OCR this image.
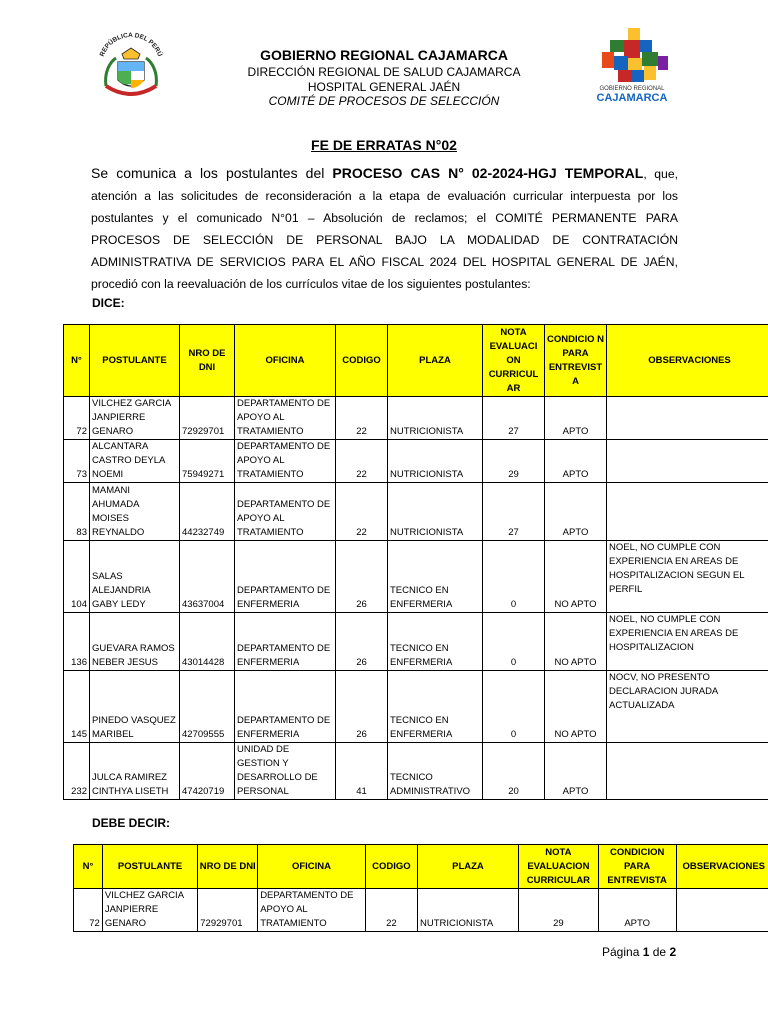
REPÚBLICA DEL PERÚ
GOBIERNO REGIONAL
CAJAMARCA
GOBIERNO REGIONAL CAJAMARCA
DIRECCIÓN REGIONAL DE SALUD CAJAMARCA
HOSPITAL GENERAL JAÉN
COMITÉ DE PROCESOS DE SELECCIÓN
FE DE ERRATAS N°02
Se comunica a los postulantes del PROCESO CAS N° 02-2024-HGJ TEMPORAL, que, atención a las solicitudes de reconsideración a la etapa de evaluación curricular interpuesta por los postulantes y el comunicado N°01 – Absolución de reclamos; el COMITÉ PERMANENTE PARA PROCESOS DE SELECCIÓN DE PERSONAL BAJO LA MODALIDAD DE CONTRATACIÓN ADMINISTRATIVA DE SERVICIOS PARA EL AÑO FISCAL 2024 DEL HOSPITAL GENERAL DE JAÉN, procedió con la reevaluación de los currículos vitae de los siguientes postulantes:
DICE:
N°	POSTULANTE	NRO DE DNI	OFICINA	CODIGO	PLAZA	NOTA EVALUACI ON CURRICUL AR	CONDICIO N PARA ENTREVIST A	OBSERVACIONES
72	VILCHEZ GARCIA JANPIERRE GENARO	72929701	DEPARTAMENTO DE APOYO AL TRATAMIENTO	22	NUTRICIONISTA	27	APTO	
73	ALCANTARA CASTRO DEYLA NOEMI	75949271	DEPARTAMENTO DE APOYO AL TRATAMIENTO	22	NUTRICIONISTA	29	APTO	
83	MAMANI AHUMADA MOISES REYNALDO	44232749	DEPARTAMENTO DE APOYO AL TRATAMIENTO	22	NUTRICIONISTA	27	APTO	
104	SALAS ALEJANDRIA GABY LEDY	43637004	DEPARTAMENTO DE ENFERMERIA	26	TECNICO EN ENFERMERIA	0	NO APTO	NOEL, NO CUMPLE CON EXPERIENCIA EN AREAS DE HOSPITALIZACION SEGUN EL PERFIL
136	GUEVARA RAMOS NEBER JESUS	43014428	DEPARTAMENTO DE ENFERMERIA	26	TECNICO EN ENFERMERIA	0	NO APTO	NOEL, NO CUMPLE CON EXPERIENCIA EN AREAS DE HOSPITALIZACION
145	PINEDO VASQUEZ MARIBEL	42709555	DEPARTAMENTO DE ENFERMERIA	26	TECNICO EN ENFERMERIA	0	NO APTO	NOCV, NO PRESENTO DECLARACION JURADA ACTUALIZADA
232	JULCA RAMIREZ CINTHYA LISETH	47420719	UNIDAD DE GESTION Y DESARROLLO DE PERSONAL	41	TECNICO ADMINISTRATIVO	20	APTO	
DEBE DECIR:
N°	POSTULANTE	NRO DE DNI	OFICINA	CODIGO	PLAZA	NOTA EVALUACION CURRICULAR	CONDICION PARA ENTREVISTA	OBSERVACIONES
72	VILCHEZ GARCIA JANPIERRE GENARO	72929701	DEPARTAMENTO DE APOYO AL TRATAMIENTO	22	NUTRICIONISTA	29	APTO	
Página 1 de 2
